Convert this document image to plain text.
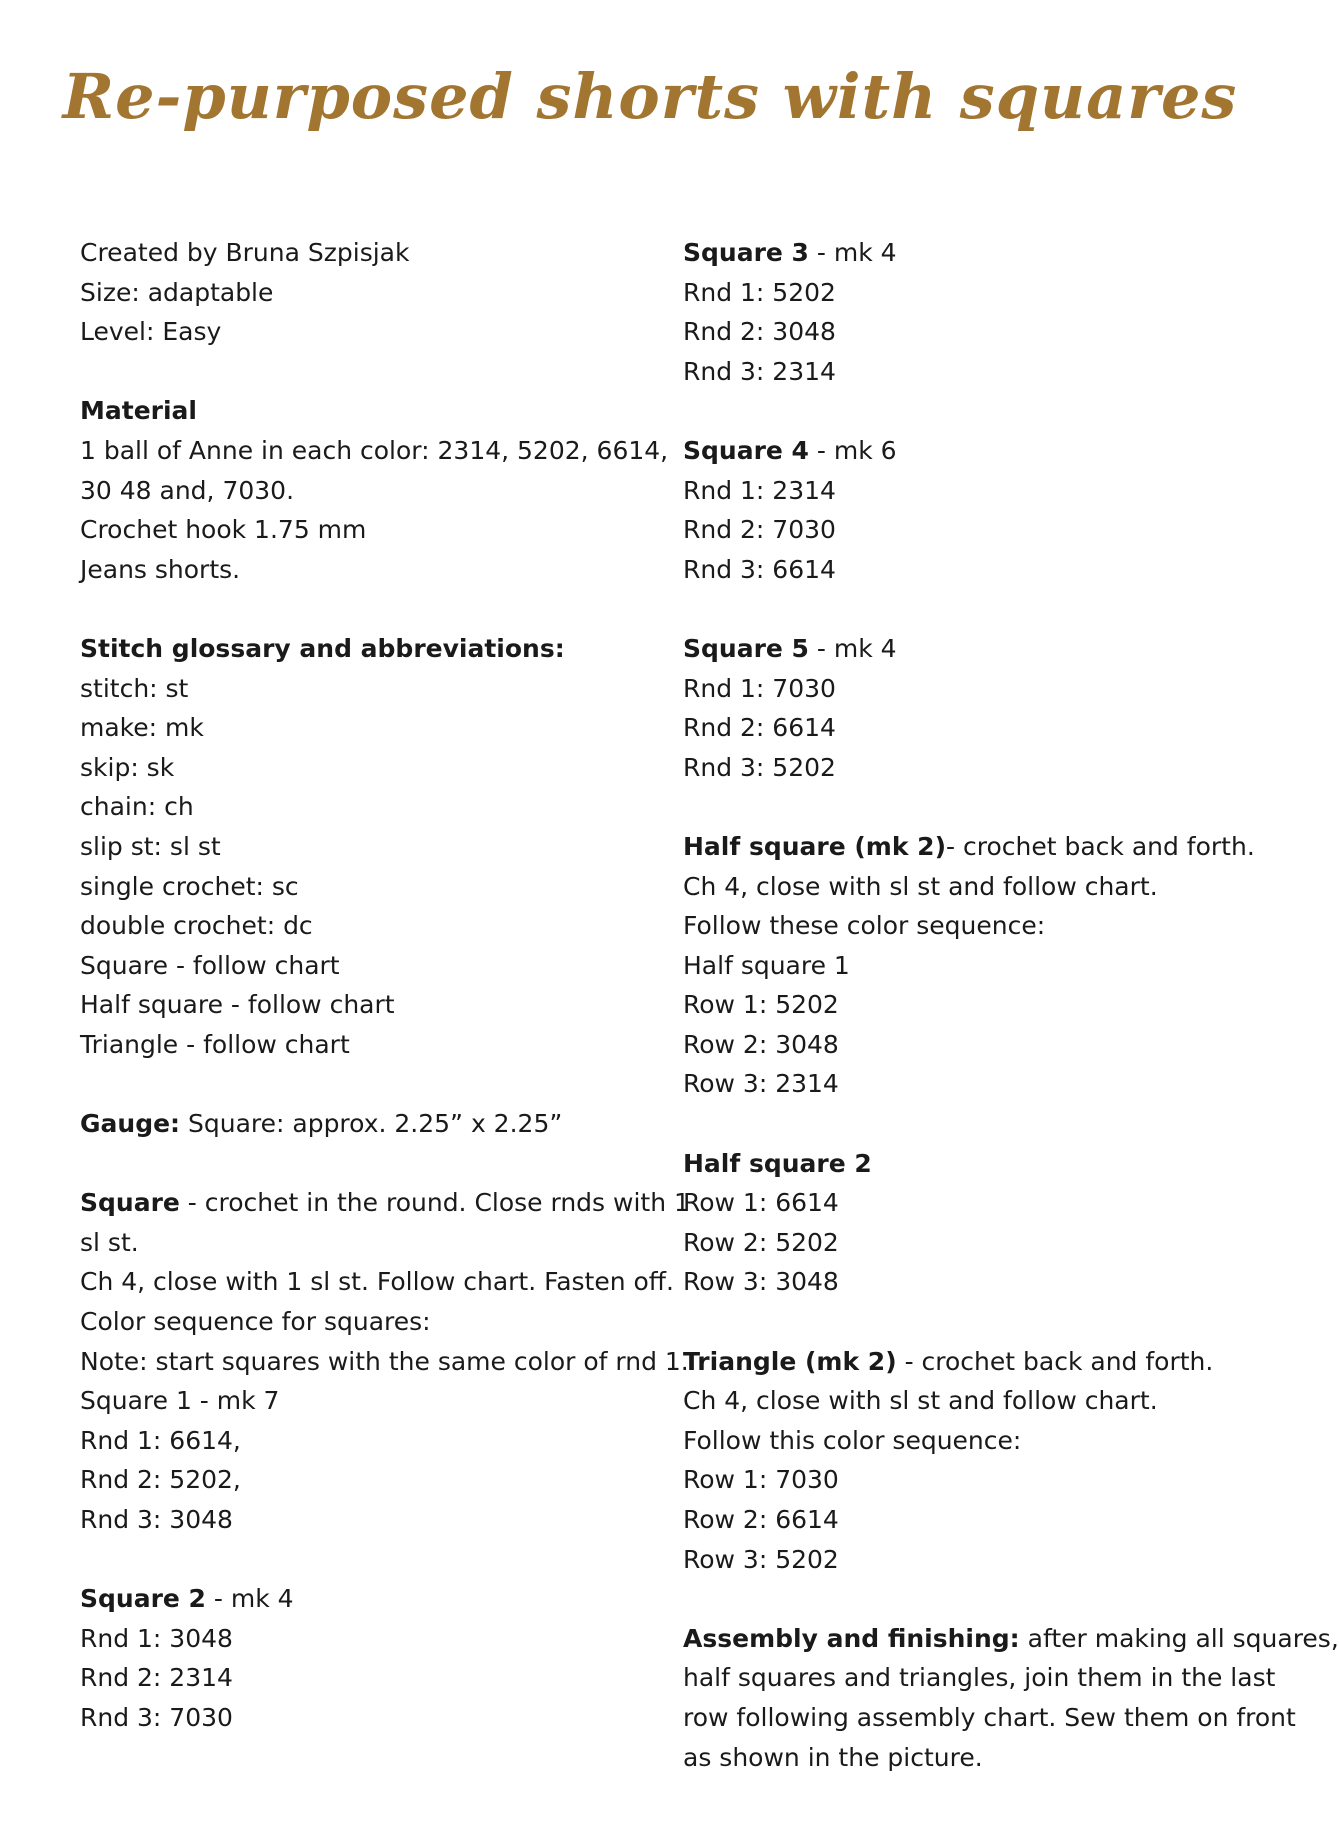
Re-purposed shorts with squares

Created by Bruna Szpisjak

Size: adaptable

Level: Easy

Material

1 ball of Anne in each color: 2314, 5202, 6614,

30 48 and, 7030.

Crochet hook 1.75 mm

Jeans shorts.

Stitch glossary and abbreviations:

stitch: st

make: mk

skip: sk

chain: ch

slip st: sl st

single crochet: sc

double crochet: dc

Square - follow chart

Half square - follow chart

Triangle - follow chart

Gauge: Square: approx. 2.25” x 2.25”

Square - crochet in the round. Close rnds with 1

sl st.

Ch 4, close with 1 sl st. Follow chart. Fasten off.

Color sequence for squares:

Note: start squares with the same color of rnd 1.

Square 1 - mk 7

Rnd 1: 6614,

Rnd 2: 5202,

Rnd 3: 3048

Square 2 - mk 4

Rnd 1: 3048

Rnd 2: 2314

Rnd 3: 7030

Square 3 - mk 4

Rnd 1: 5202

Rnd 2: 3048

Rnd 3: 2314

Square 4 - mk 6

Rnd 1: 2314

Rnd 2: 7030

Rnd 3: 6614

Square 5 - mk 4

Rnd 1: 7030

Rnd 2: 6614

Rnd 3: 5202

Half square (mk 2)- crochet back and forth.

Ch 4, close with sl st and follow chart.

Follow these color sequence:

Half square 1

Row 1: 5202

Row 2: 3048

Row 3: 2314

Half square 2

Row 1: 6614

Row 2: 5202

Row 3: 3048

Triangle (mk 2) - crochet back and forth.

Ch 4, close with sl st and follow chart.

Follow this color sequence:

Row 1: 7030

Row 2: 6614

Row 3: 5202

Assembly and finishing: after making all squares,

half squares and triangles, join them in the last

row following assembly chart. Sew them on front

as shown in the picture.
